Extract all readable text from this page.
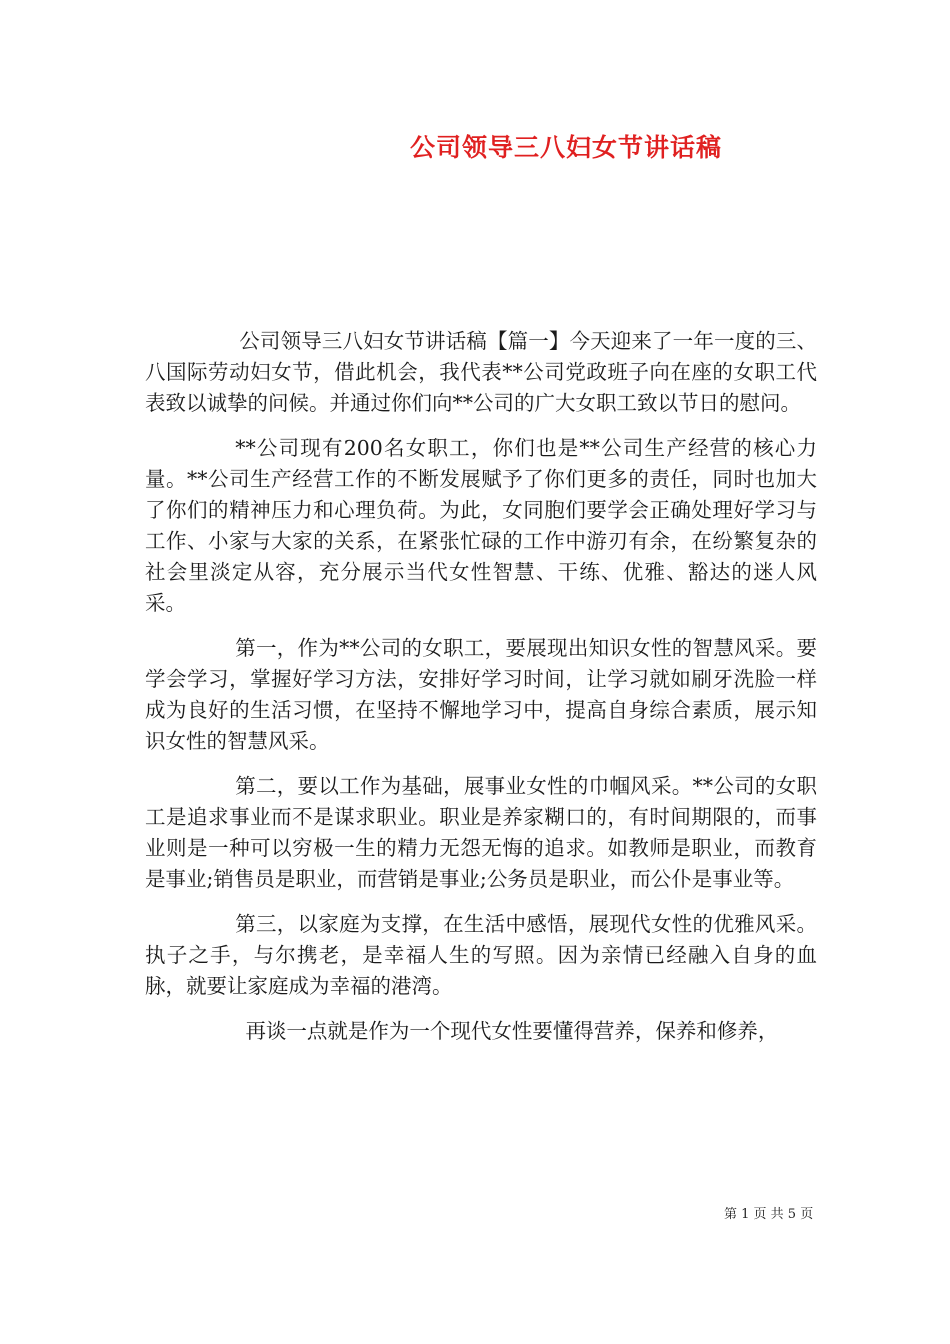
公司领导三八妇女节讲话稿

公司领导三八妇女节讲话稿【篇一】今天迎来了一年一度的三、八国际劳动妇女节，借此机会，我代表**公司党政班子向在座的女职工代表致以诚挚的问候。并通过你们向**公司的广大女职工致以节日的慰问。

**公司现有200名女职工，你们也是**公司生产经营的核心力量。**公司生产经营工作的不断发展赋予了你们更多的责任，同时也加大了你们的精神压力和心理负荷。为此，女同胞们要学会正确处理好学习与工作、小家与大家的关系，在紧张忙碌的工作中游刃有余，在纷繁复杂的社会里淡定从容，充分展示当代女性智慧、干练、优雅、豁达的迷人风采。

第一，作为**公司的女职工，要展现出知识女性的智慧风采。要学会学习，掌握好学习方法，安排好学习时间，让学习就如刷牙洗脸一样成为良好的生活习惯，在坚持不懈地学习中，提高自身综合素质，展示知识女性的智慧风采。

第二，要以工作为基础，展事业女性的巾帼风采。**公司的女职工是追求事业而不是谋求职业。职业是养家糊口的，有时间期限的，而事业则是一种可以穷极一生的精力无怨无悔的追求。如教师是职业，而教育是事业;销售员是职业，而营销是事业;公务员是职业，而公仆是事业等。

第三，以家庭为支撑，在生活中感悟，展现代女性的优雅风采。执子之手，与尔携老，是幸福人生的写照。因为亲情已经融入自身的血脉，就要让家庭成为幸福的港湾。

再谈一点就是作为一个现代女性要懂得营养，保养和修养，

第 1 页 共 5 页
